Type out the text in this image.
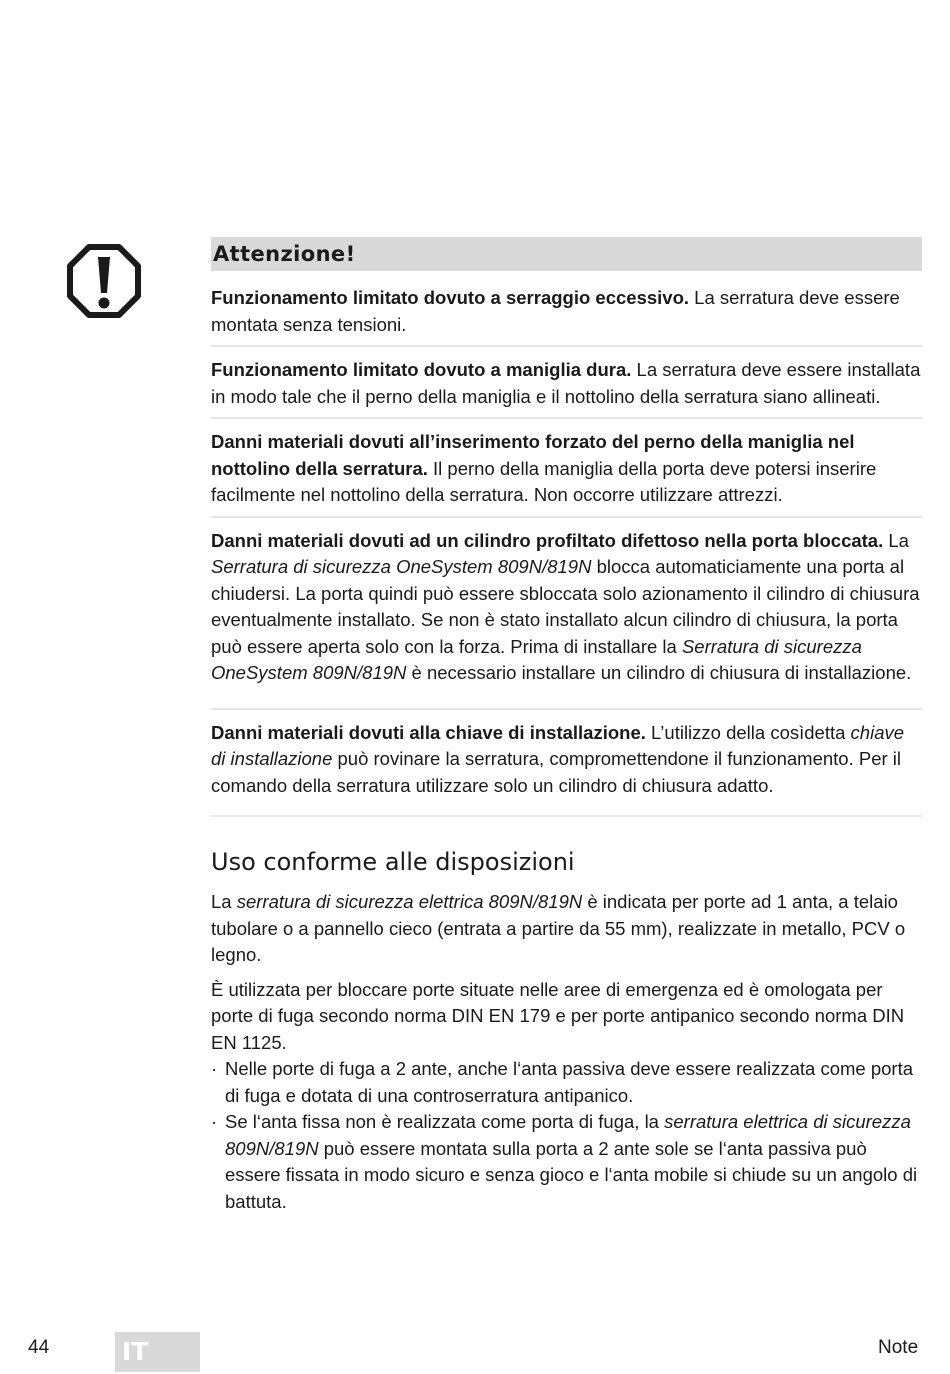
Attenzione!

Funzionamento limitato dovuto a serraggio eccessivo. La serratura deve essere montata senza tensioni.

Funzionamento limitato dovuto a maniglia dura. La serratura deve essere installata in modo tale che il perno della maniglia e il nottolino della serratura siano allineati.

Danni materiali dovuti all’inserimento forzato del perno della maniglia nel nottolino della serratura. Il perno della maniglia della porta deve potersi inserire facilmente nel nottolino della serratura. Non occorre utilizzare attrezzi.

Danni materiali dovuti ad un cilindro profiltato difettoso nella porta bloccata. La Serratura di sicurezza OneSystem 809N/819N blocca automaticiamente una porta al chiudersi. La porta quindi può essere sbloccata solo azionamento il cilindro di chiusura eventualmente installato. Se non è stato installato alcun cilindro di chiusura, la porta può essere aperta solo con la forza. Prima di installare la Serratura di sicurezza OneSystem 809N/819N è necessario installare un cilindro di chiusura di installazione.

Danni materiali dovuti alla chiave di installazione. L’utilizzo della cosìdetta chiave di installazione può rovinare la serratura, compromettendone il funzionamento. Per il comando della serratura utilizzare solo un cilindro di chiusura adatto.

Uso conforme alle disposizioni

La serratura di sicurezza elettrica 809N/819N è indicata per porte ad 1 anta, a telaio tubolare o a pannello cieco (entrata a partire da 55 mm), realizzate in metallo, PCV o legno.

È utilizzata per bloccare porte situate nelle aree di emergenza ed è omologata per porte di fuga secondo norma DIN EN 179 e per porte antipanico secondo norma DIN EN 1125.

· Nelle porte di fuga a 2 ante, anche l‘anta passiva deve essere realizzata come porta di fuga e dotata di una controserratura antipanico.
· Se l‘anta fissa non è realizzata come porta di fuga, la serratura elettrica di sicurezza 809N/819N può essere montata sulla porta a 2 ante sole se l‘anta passiva può essere fissata in modo sicuro e senza gioco e l‘anta mobile si chiude su un angolo di battuta.
44	IT	Note
